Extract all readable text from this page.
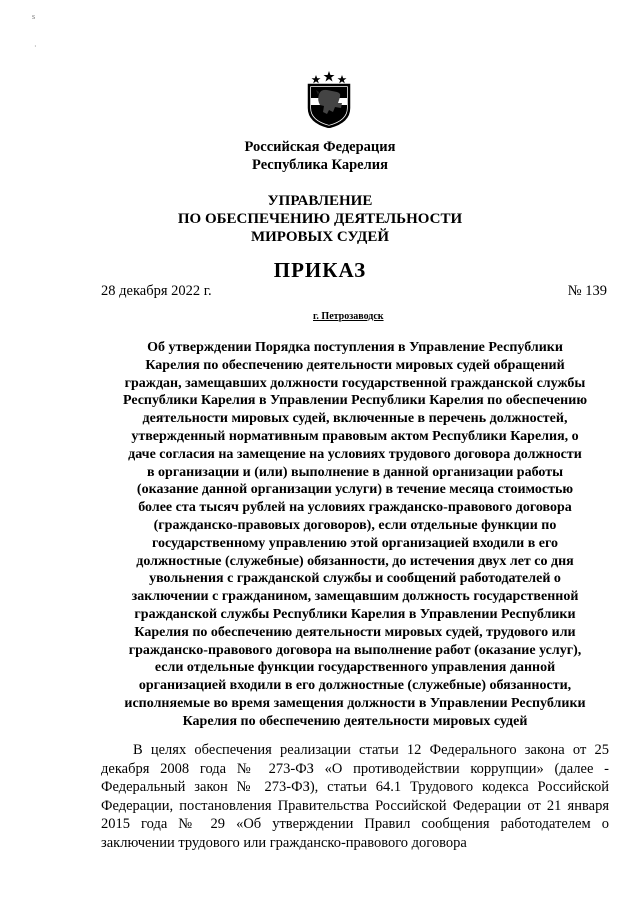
s
·
Российская Федерация
Республика Карелия
УПРАВЛЕНИЕ
ПО ОБЕСПЕЧЕНИЮ ДЕЯТЕЛЬНОСТИ
МИРОВЫХ СУДЕЙ
ПРИКАЗ
28 декабря 2022 г.	№ 139
г. Петрозаводск
Об утверждении Порядка поступления в Управление Республики
Карелия по обеспечению деятельности мировых судей обращений
граждан, замещавших должности государственной гражданской службы
Республики Карелия в Управлении Республики Карелия по обеспечению
деятельности мировых судей, включенные в перечень должностей,
утвержденный нормативным правовым актом Республики Карелия, о
даче согласия на замещение на условиях трудового договора должности
в организации и (или) выполнение в данной организации работы
(оказание данной организации услуги) в течение месяца стоимостью
более ста тысяч рублей на условиях гражданско-правового договора
(гражданско-правовых договоров), если отдельные функции по
государственному управлению этой организацией входили в его
должностные (служебные) обязанности, до истечения двух лет со дня
увольнения с гражданской службы и сообщений работодателей о
заключении с гражданином, замещавшим должность государственной
гражданской службы Республики Карелия в Управлении Республики
Карелия по обеспечению деятельности мировых судей, трудового или
гражданско-правового договора на выполнение работ (оказание услуг),
если отдельные функции государственного управления данной
организацией входили в его должностные (служебные) обязанности,
исполняемые во время замещения должности в Управлении Республики
Карелия по обеспечению деятельности мировых судей
В целях обеспечения реализации статьи 12 Федерального закона от 25 декабря 2008 года № 273-ФЗ «О противодействии коррупции» (далее - Федеральный закон № 273-ФЗ), статьи 64.1 Трудового кодекса Российской Федерации, постановления Правительства Российской Федерации от 21 января 2015 года № 29 «Об утверждении Правил сообщения работодателем о заключении трудового или гражданско-правового договора
